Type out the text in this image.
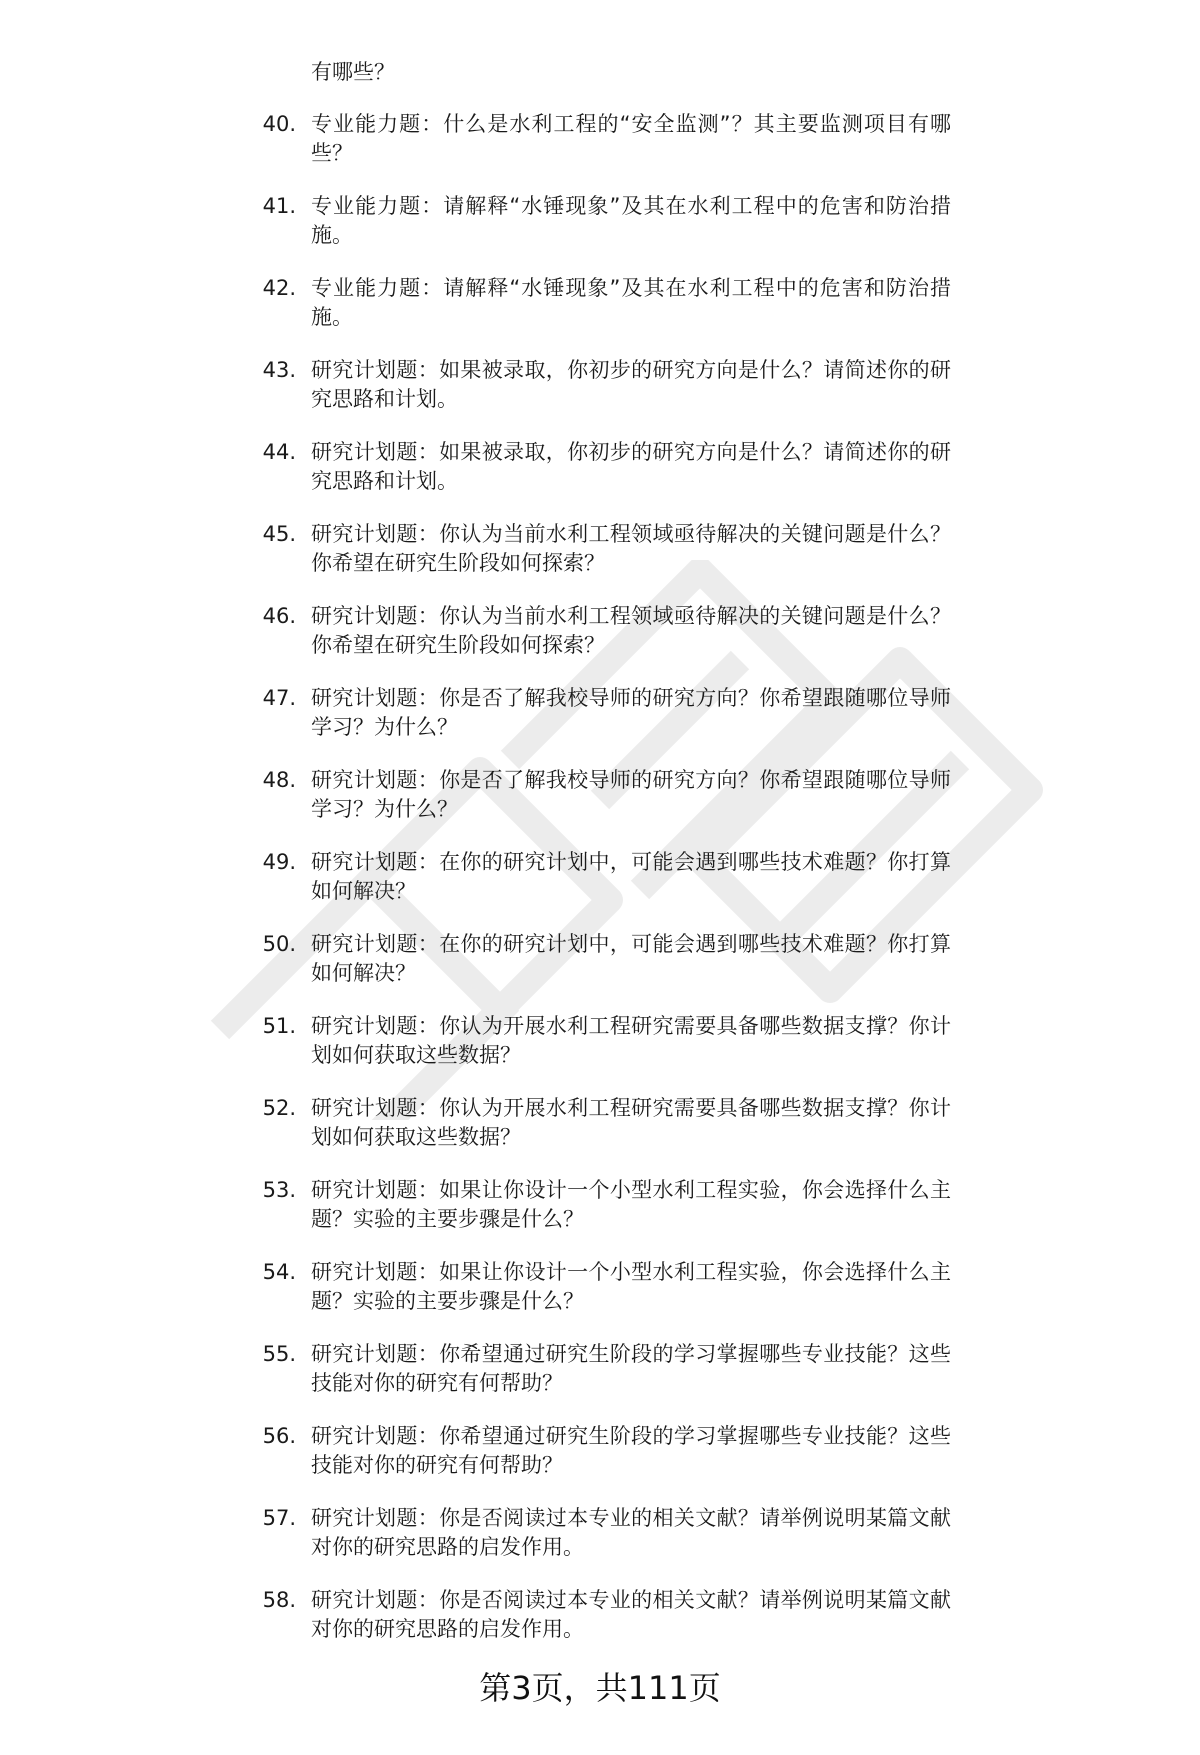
有哪些？

40. 专业能力题：什么是水利工程的“安全监测”？其主要监测项目有哪些？
41. 专业能力题：请解释“水锤现象”及其在水利工程中的危害和防治措施。
42. 专业能力题：请解释“水锤现象”及其在水利工程中的危害和防治措施。
43. 研究计划题：如果被录取，你初步的研究方向是什么？请简述你的研究思路和计划。
44. 研究计划题：如果被录取，你初步的研究方向是什么？请简述你的研究思路和计划。
45. 研究计划题：你认为当前水利工程领域亟待解决的关键问题是什么？你希望在研究生阶段如何探索？
46. 研究计划题：你认为当前水利工程领域亟待解决的关键问题是什么？你希望在研究生阶段如何探索？
47. 研究计划题：你是否了解我校导师的研究方向？你希望跟随哪位导师学习？为什么？
48. 研究计划题：你是否了解我校导师的研究方向？你希望跟随哪位导师学习？为什么？
49. 研究计划题：在你的研究计划中，可能会遇到哪些技术难题？你打算如何解决？
50. 研究计划题：在你的研究计划中，可能会遇到哪些技术难题？你打算如何解决？
51. 研究计划题：你认为开展水利工程研究需要具备哪些数据支撑？你计划如何获取这些数据？
52. 研究计划题：你认为开展水利工程研究需要具备哪些数据支撑？你计划如何获取这些数据？
53. 研究计划题：如果让你设计一个小型水利工程实验，你会选择什么主题？实验的主要步骤是什么？
54. 研究计划题：如果让你设计一个小型水利工程实验，你会选择什么主题？实验的主要步骤是什么？
55. 研究计划题：你希望通过研究生阶段的学习掌握哪些专业技能？这些技能对你的研究有何帮助？
56. 研究计划题：你希望通过研究生阶段的学习掌握哪些专业技能？这些技能对你的研究有何帮助？
57. 研究计划题：你是否阅读过本专业的相关文献？请举例说明某篇文献对你的研究思路的启发作用。
58. 研究计划题：你是否阅读过本专业的相关文献？请举例说明某篇文献对你的研究思路的启发作用。
第3页，共111页
